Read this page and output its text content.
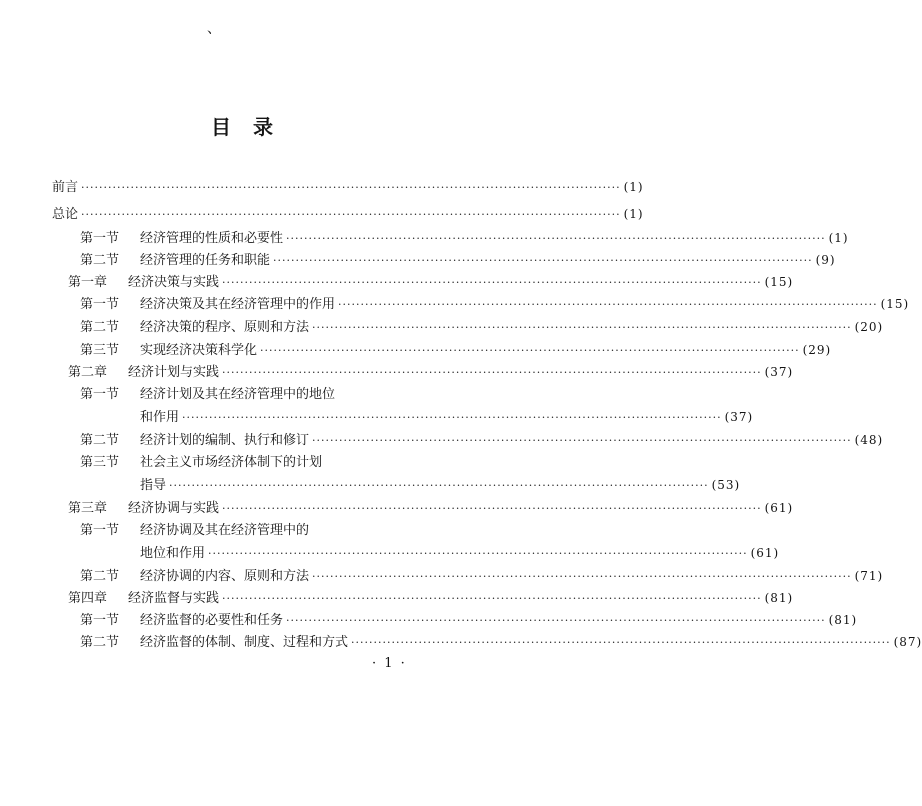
、
目录
前言 ························································································································ (1)
总论 ························································································································ (1)
第一节	经济管理的性质和必要性 ························································································································ (1)
第二节	经济管理的任务和职能 ························································································································ (9)
第一章	经济决策与实践 ························································································································ (15)
第一节	经济决策及其在经济管理中的作用 ························································································································ (15)
第二节	经济决策的程序、原则和方法 ························································································································ (20)
第三节	实现经济决策科学化 ························································································································ (29)
第二章	经济计划与实践 ························································································································ (37)
第一节	经济计划及其在经济管理中的地位
和作用 ························································································································ (37)
第二节	经济计划的编制、执行和修订 ························································································································ (48)
第三节	社会主义市场经济体制下的计划
指导 ························································································································ (53)
第三章	经济协调与实践 ························································································································ (61)
第一节	经济协调及其在经济管理中的
地位和作用 ························································································································ (61)
第二节	经济协调的内容、原则和方法 ························································································································ (71)
第四章	经济监督与实践 ························································································································ (81)
第一节	经济监督的必要性和任务 ························································································································ (81)
第二节	经济监督的体制、制度、过程和方式 ························································································································ (87)
· 1 ·
